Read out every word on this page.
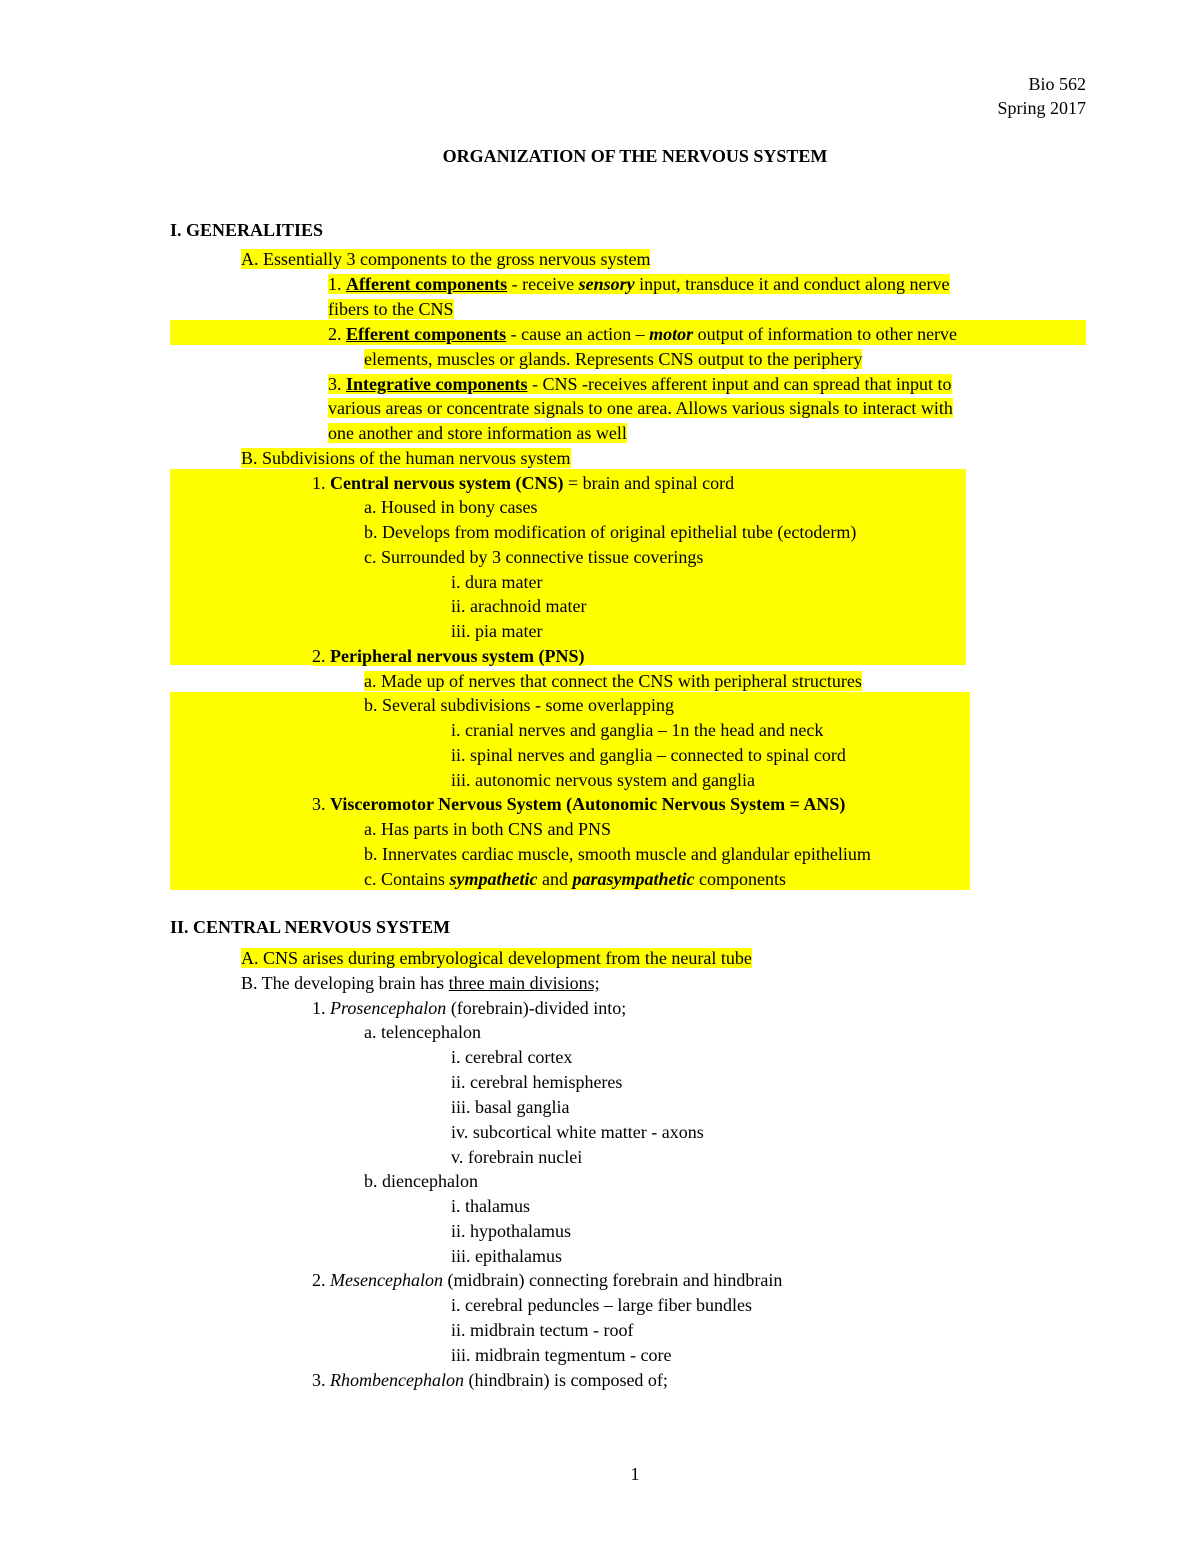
Bio 562
Spring 2017
ORGANIZATION OF THE NERVOUS SYSTEM
I. GENERALITIES
A. Essentially 3 components to the gross nervous system
1. Afferent components - receive sensory input, transduce it and conduct along nerve
fibers to the CNS
2. Efferent components - cause an action – motor output of information to other nerve
elements, muscles or glands. Represents CNS output to the periphery
3. Integrative components - CNS -receives afferent input and can spread that input to
various areas or concentrate signals to one area. Allows various signals to interact with
one another and store information as well
B. Subdivisions of the human nervous system
1. Central nervous system (CNS) = brain and spinal cord
a. Housed in bony cases
b. Develops from modification of original epithelial tube (ectoderm)
c. Surrounded by 3 connective tissue coverings
i. dura mater
ii. arachnoid mater
iii. pia mater
2. Peripheral nervous system (PNS)
a. Made up of nerves that connect the CNS with peripheral structures
b. Several subdivisions - some overlapping
i. cranial nerves and ganglia – 1n the head and neck
ii. spinal nerves and ganglia – connected to spinal cord
iii. autonomic nervous system and ganglia
3. Visceromotor Nervous System (Autonomic Nervous System = ANS)
a. Has parts in both CNS and PNS
b. Innervates cardiac muscle, smooth muscle and glandular epithelium
c. Contains sympathetic and parasympathetic components
II. CENTRAL NERVOUS SYSTEM
A. CNS arises during embryological development from the neural tube
B. The developing brain has three main divisions;
1. Prosencephalon (forebrain)-divided into;
a. telencephalon
i. cerebral cortex
ii. cerebral hemispheres
iii. basal ganglia
iv. subcortical white matter - axons
v. forebrain nuclei
b. diencephalon
i. thalamus
ii. hypothalamus
iii. epithalamus
2. Mesencephalon (midbrain) connecting forebrain and hindbrain
i. cerebral peduncles – large fiber bundles
ii. midbrain tectum - roof
iii. midbrain tegmentum - core
3. Rhombencephalon (hindbrain) is composed of;
1
